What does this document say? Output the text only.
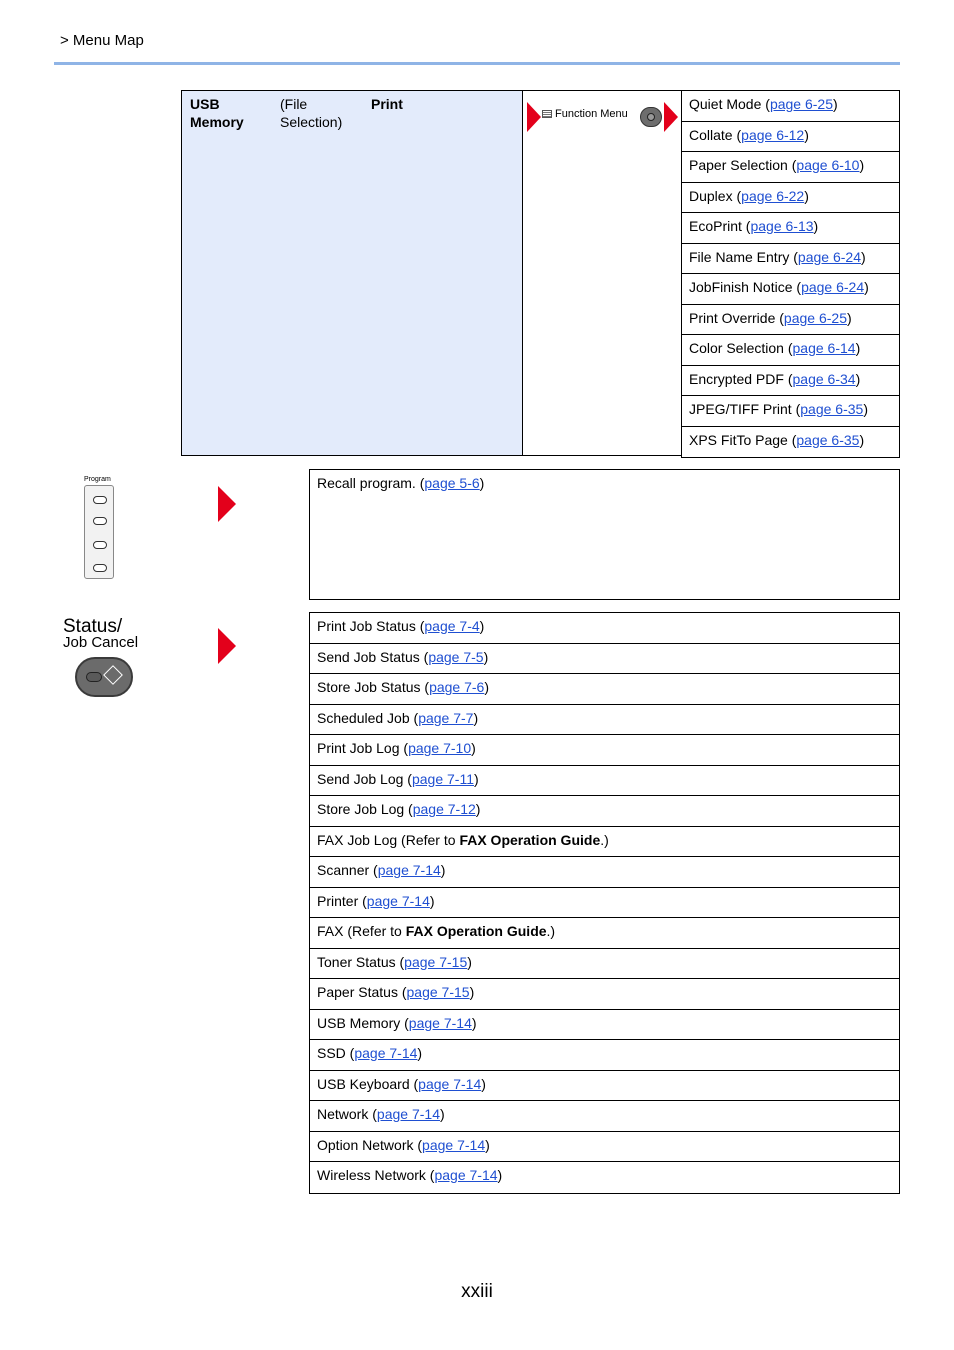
> Menu Map
USB Memory
(File Selection)
Print
Function Menu
Quiet Mode (page 6-25)
Collate (page 6-12)
Paper Selection (page 6-10)
Duplex (page 6-22)
EcoPrint (page 6-13)
File Name Entry (page 6-24)
JobFinish Notice (page 6-24)
Print Override (page 6-25)
Color Selection (page 6-14)
Encrypted PDF (page 6-34)
JPEG/TIFF Print (page 6-35)
XPS FitTo Page (page 6-35)
Program	Recall program. (page 5-6)
Status/
Job Cancel
Print Job Status (page 7-4)
Send Job Status (page 7-5)
Store Job Status (page 7-6)
Scheduled Job (page 7-7)
Print Job Log (page 7-10)
Send Job Log (page 7-11)
Store Job Log (page 7-12)
FAX Job Log (Refer to FAX Operation Guide.)
Scanner (page 7-14)
Printer (page 7-14)
FAX (Refer to FAX Operation Guide.)
Toner Status (page 7-15)
Paper Status (page 7-15)
USB Memory (page 7-14)
SSD (page 7-14)
USB Keyboard (page 7-14)
Network (page 7-14)
Option Network (page 7-14)
Wireless Network (page 7-14)
xxiii
